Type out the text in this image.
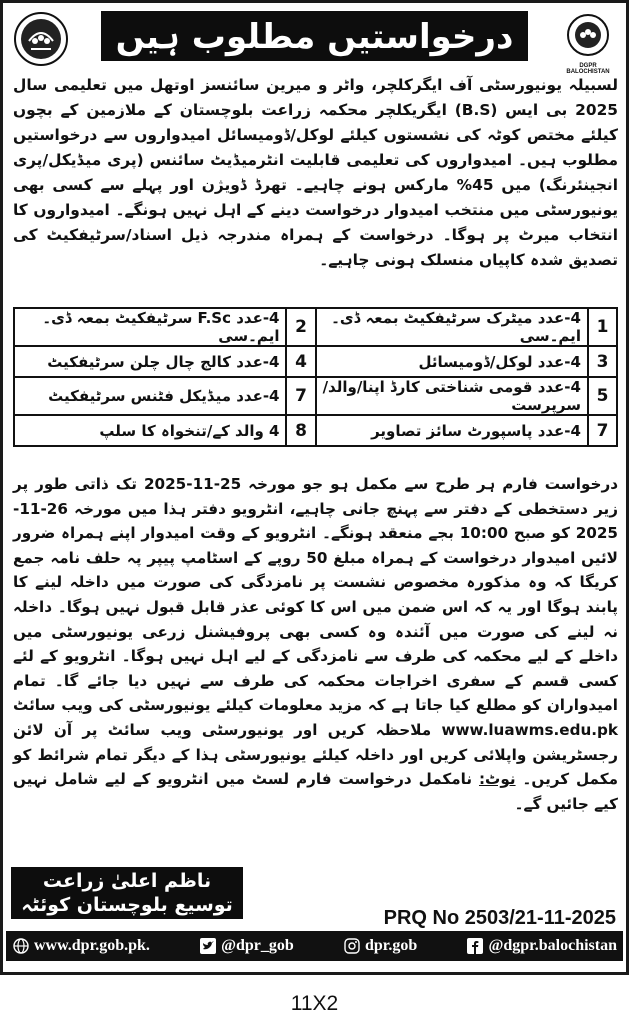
درخواستیں مطلوب ہیں
DGPR BALOCHISTAN

لسبیلہ یونیورسٹی آف ایگرکلچر، واٹر و میرین سائنسز اوتھل میں تعلیمی سال 2025 بی ایس (B.S) ایگریکلچر محکمہ زراعت بلوچستان کے ملازمین کے بچوں کیلئے مختص کوٹہ کی نشستوں کیلئے لوکل/ڈومیسائل امیدواروں سے درخواستیں مطلوب ہیں۔ امیدواروں کی تعلیمی قابلیت انٹرمیڈیٹ سائنس (پری میڈیکل/پری انجینئرنگ) میں 45% مارکس ہونے چاہیے۔ تھرڈ ڈویژن اور پہلے سے کسی بھی یونیورسٹی میں منتخب امیدوار درخواست دینے کے اہل نہیں ہونگے۔ امیدواروں کا انتخاب میرٹ پر ہوگا۔ درخواست کے ہمراہ مندرجہ ذیل اسناد/سرٹیفکیٹ کی تصدیق شدہ کاپیاں منسلک ہونی چاہیے۔

1	4-عدد میٹرک سرٹیفکیٹ بمعہ ڈی۔ایم۔سی	2	4-عدد F.Sc سرٹیفکیٹ بمعہ ڈی۔ایم۔سی
3	4-عدد لوکل/ڈومیسائل	4	4-عدد کالج چال چلن سرٹیفکیٹ
5	4-عدد قومی شناختی کارڈ اپنا/والد/سرپرست	7	4-عدد میڈیکل فٹنس سرٹیفکیٹ
7	4-عدد پاسپورٹ سائز تصاویر	8	4 والد کے/تنخواہ کا سلپ

درخواست فارم ہر طرح سے مکمل ہو جو مورخہ 25-11-2025 تک ذاتی طور پر زیر دستخطی کے دفتر سے پہنچ جانی چاہیے، انٹرویو دفتر ہذا میں مورخہ 26-11-2025 کو صبح 10:00 بجے منعقد ہونگے۔ انٹرویو کے وقت امیدوار اپنے ہمراہ ضرور لائیں امیدوار درخواست کے ہمراہ مبلغ 50 روپے کے اسٹامپ پیپر پہ حلف نامہ جمع کریگا کہ وہ مذکورہ مخصوص نشست پر نامزدگی کی صورت میں داخلہ لینے کا پابند ہوگا اور یہ کہ اس ضمن میں اس کا کوئی عذر قابل قبول نہیں ہوگا۔ داخلہ نہ لینے کی صورت میں آئندہ وہ کسی بھی پروفیشنل زرعی یونیورسٹی میں داخلے کے لیے محکمہ کی طرف سے نامزدگی کے لیے اہل نہیں ہوگا۔ انٹرویو کے لئے کسی قسم کے سفری اخراجات محکمہ کی طرف سے نہیں دیا جائے گا۔ تمام امیدواران کو مطلع کیا جاتا ہے کہ مزید معلومات کیلئے یونیورسٹی کی ویب سائٹ www.luawms.edu.pk ملاحظہ کریں اور یونیورسٹی ویب سائٹ پر آن لائن رجسٹریشن واپلائی کریں اور داخلہ کیلئے یونیورسٹی ہذا کے دیگر تمام شرائط کو مکمل کریں۔ نوٹ: نامکمل درخواست فارم لسٹ میں انٹرویو کے لیے شامل نہیں کیے جائیں گے۔

ناظم اعلیٰ زراعت
توسیع بلوچستان کوئٹہ
PRQ No 2503/21-11-2025
www.dpr.gob.pk.	@dpr_gob	dpr.gob	@dgpr.balochistan
11X2
